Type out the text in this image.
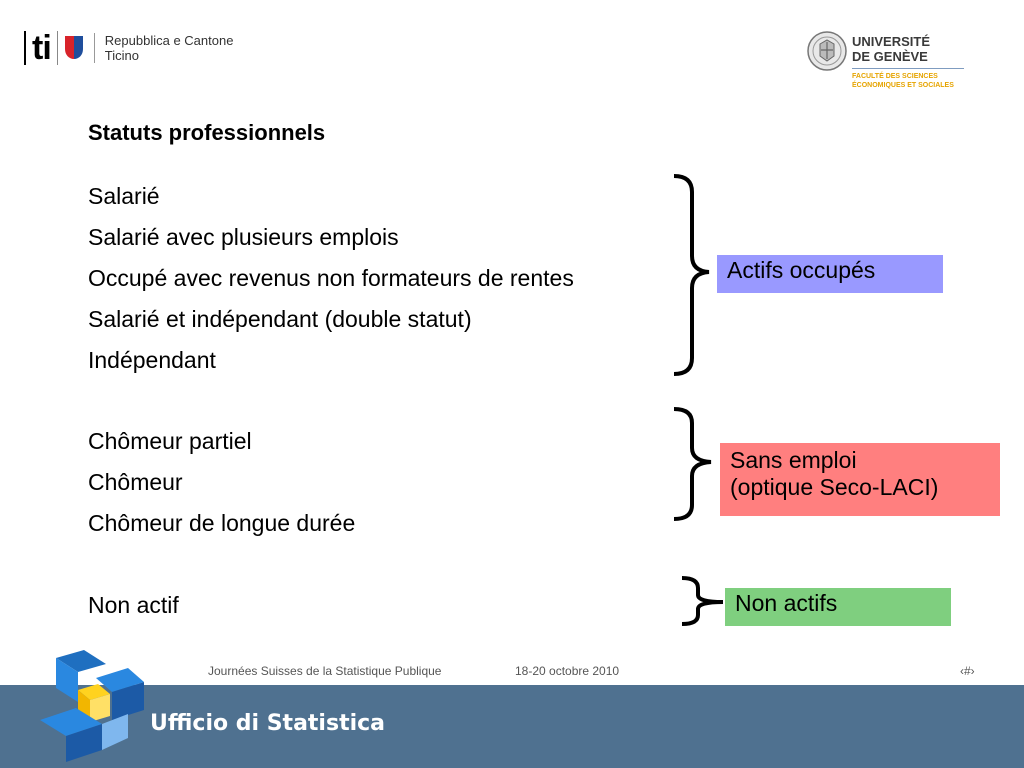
ti	Repubblica e Cantone
Ticino
UNIVERSITÉ
DE GENÈVE
FACULTÉ DES SCIENCES
ÉCONOMIQUES ET SOCIALES
Statuts professionnels
Salarié
Salarié avec plusieurs emplois
Occupé avec revenus non formateurs de rentes
Salarié et indépendant (double statut)
Indépendant
Chômeur partiel
Chômeur
Chômeur de longue durée
Non actif
Actifs occupés
Sans emploi
(optique Seco-LACI)
Non actifs
Journées Suisses de la Statistique Publique	18-20 octobre 2010	‹#›
Ufficio di Statistica
